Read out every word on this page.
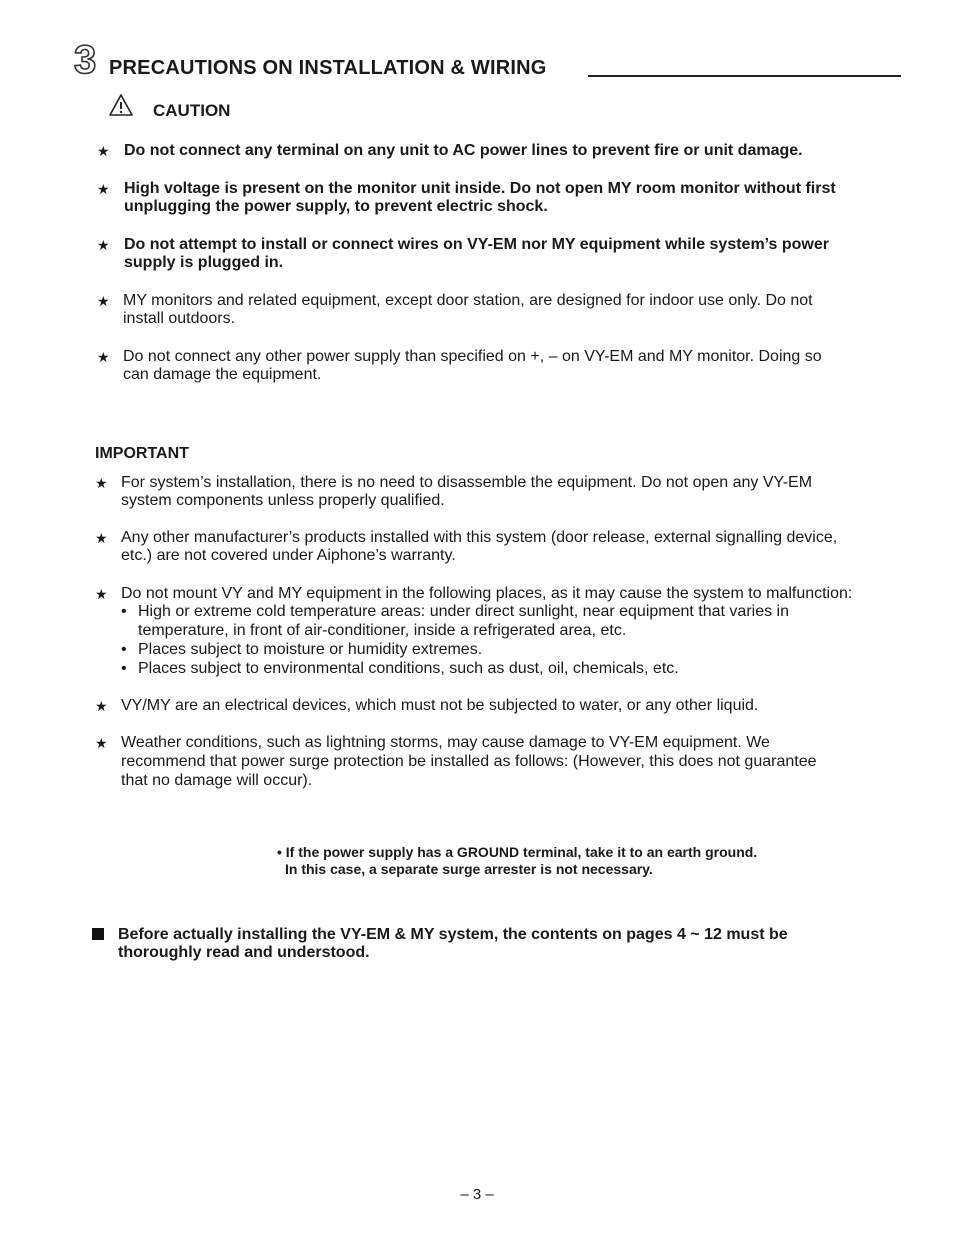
3 PRECAUTIONS ON INSTALLATION & WIRING
CAUTION
★ Do not connect any terminal on any unit to AC power lines to prevent fire or unit damage.
★ High voltage is present on the monitor unit inside. Do not open MY room monitor without first
unplugging the power supply, to prevent electric shock.
★ Do not attempt to install or connect wires on VY-EM nor MY equipment while system’s power
supply is plugged in.
★ MY monitors and related equipment, except door station, are designed for indoor use only. Do not
install outdoors.
★ Do not connect any other power supply than specified on +, – on VY-EM and MY monitor. Doing so
can damage the equipment.
IMPORTANT
★ For system’s installation, there is no need to disassemble the equipment. Do not open any VY-EM
system components unless properly qualified.
★ Any other manufacturer’s products installed with this system (door release, external signalling device,
etc.) are not covered under Aiphone’s warranty.
★ Do not mount VY and MY equipment in the following places, as it may cause the system to malfunction:
• High or extreme cold temperature areas: under direct sunlight, near equipment that varies in
temperature, in front of air-conditioner, inside a refrigerated area, etc.
• Places subject to moisture or humidity extremes.
• Places subject to environmental conditions, such as dust, oil, chemicals, etc.
★ VY/MY are an electrical devices, which must not be subjected to water, or any other liquid.
★ Weather conditions, such as lightning storms, may cause damage to VY-EM equipment. We
recommend that power surge protection be installed as follows: (However, this does not guarantee
that no damage will occur).
• If the power supply has a GROUND terminal, take it to an earth ground.
In this case, a separate surge arrester is not necessary.
Before actually installing the VY-EM & MY system, the contents on pages 4 ~ 12 must be thoroughly read and understood.
– 3 –
